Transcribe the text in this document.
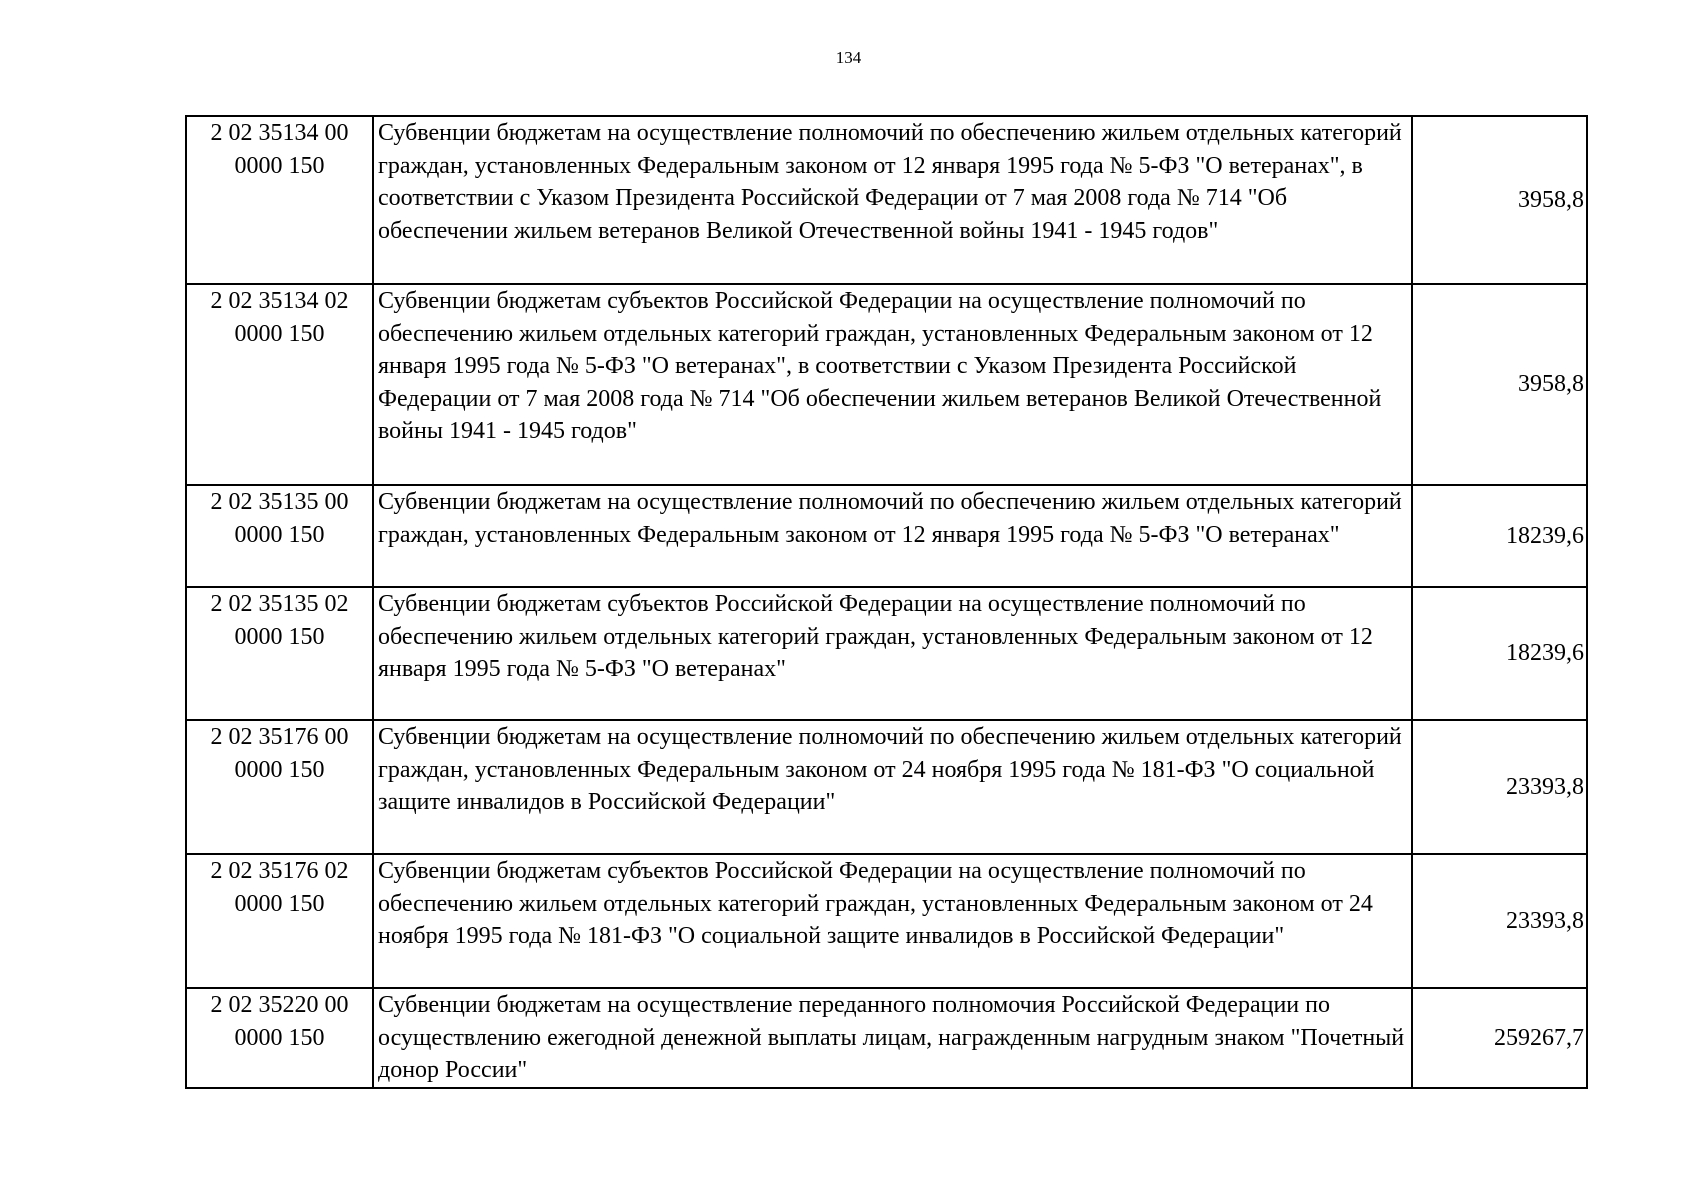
134
2 02 35134 00
0000 150	Субвенции бюджетам на осуществление полномочий по обеспечению жильем отдельных категорий граждан, установленных Федеральным законом от 12 января 1995 года № 5-ФЗ "О ветеранах", в соответствии с Указом Президента Российской Федерации от 7 мая 2008 года № 714 "Об обеспечении жильем ветеранов Великой Отечественной войны 1941 - 1945 годов"	3958,8

2 02 35134 02
0000 150	Субвенции бюджетам субъектов Российской Федерации на осуществление полномочий по обеспечению жильем отдельных категорий граждан, установленных Федеральным законом от 12 января 1995 года № 5-ФЗ "О ветеранах", в соответствии с Указом Президента Российской Федерации от 7 мая 2008 года № 714 "Об обеспечении жильем ветеранов Великой Отечественной войны 1941 - 1945 годов"	3958,8

2 02 35135 00
0000 150	Субвенции бюджетам на осуществление полномочий по обеспечению жильем отдельных категорий граждан, установленных Федеральным законом от 12 января 1995 года № 5-ФЗ "О ветеранах"	18239,6

2 02 35135 02
0000 150	Субвенции бюджетам субъектов Российской Федерации на осуществление полномочий по обеспечению жильем отдельных категорий граждан, установленных Федеральным законом от 12 января 1995 года № 5-ФЗ "О ветеранах"	18239,6

2 02 35176 00
0000 150	Субвенции бюджетам на осуществление полномочий по обеспечению жильем отдельных категорий граждан, установленных Федеральным законом от 24 ноября 1995 года № 181-ФЗ "О социальной защите инвалидов в Российской Федерации"	23393,8

2 02 35176 02
0000 150	Субвенции бюджетам субъектов Российской Федерации на осуществление полномочий по обеспечению жильем отдельных категорий граждан, установленных Федеральным законом от 24 ноября 1995 года № 181-ФЗ "О социальной защите инвалидов в Российской Федерации"	23393,8

2 02 35220 00
0000 150	Субвенции бюджетам на осуществление переданного полномочия Российской Федерации по осуществлению ежегодной денежной выплаты лицам, награжденным нагрудным знаком "Почетный донор России"	259267,7
